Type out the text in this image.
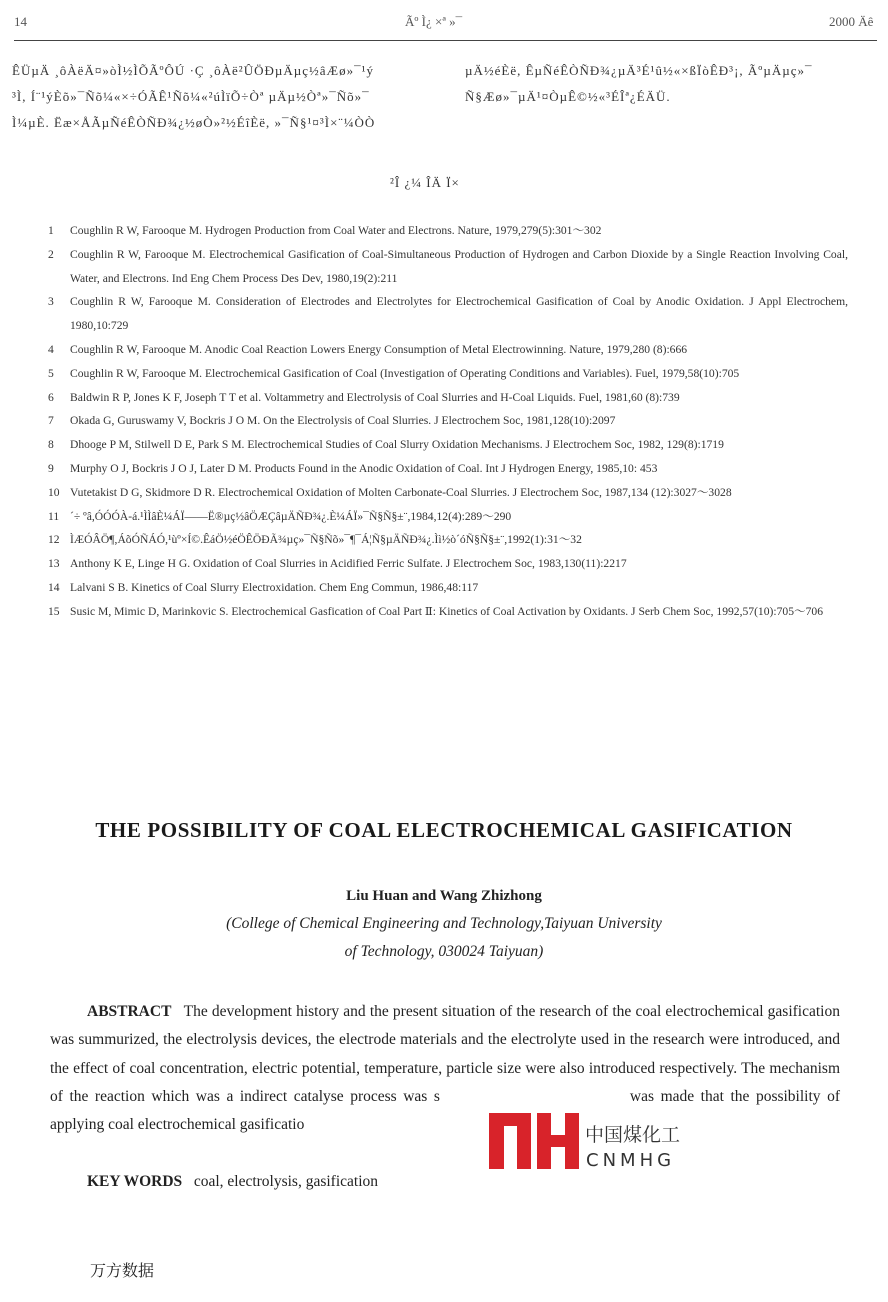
14	Ãº Ì¿ ×ª »¯	2000 Äê
ÊÜµÄ ¸ôÀëÄ¤»òÌ½ÌÕÃºÔÚ ·Ç ¸ôÀë²ÛÖÐµÄµç½âÆø»¯¹ý
³Ì, Í¨¹ýÈõ»¯Ñõ¼«×÷ÓÃÊ¹Ñõ¼«²úÌïÕ÷Òª µÄµ½Òª»¯Ñõ»¯
Ì¼µÈ. Ëæ×ÅÃµÑéÊÒÑÐ¾¿½øÒ»²½ÉîÈë, »¯Ñ§¹¤³Ì×¨¼ÒÒ
µÄ½éÈë, ÊµÑéÊÒÑÐ¾¿µÄ³É¹û½«×ßÏòÊÐ³¡, ÃºµÄµç»¯
Ñ§Æø»¯µÄ¹¤ÒµÊ©½«³ÉÎª¿ÉÄÜ.
²Î ¿¼ ÎÄ Ï×
1	Coughlin R W, Farooque M. Hydrogen Production from Coal Water and Electrons. Nature, 1979,279(5):301～302
2	Coughlin R W, Farooque M. Electrochemical Gasification of Coal-Simultaneous Production of Hydrogen and Carbon Dioxide by a Single Reaction Involving Coal, Water, and Electrons. Ind Eng Chem Process Des Dev, 1980,19(2):211
3	Coughlin R W, Farooque M. Consideration of Electrodes and Electrolytes for Electrochemical Gasification of Coal by Anodic Oxidation. J Appl Electrochem, 1980,10:729
4	Coughlin R W, Farooque M. Anodic Coal Reaction Lowers Energy Consumption of Metal Electrowinning. Nature, 1979,280 (8):666
5	Coughlin R W, Farooque M. Electrochemical Gasification of Coal (Investigation of Operating Conditions and Variables). Fuel, 1979,58(10):705
6	Baldwin R P, Jones K F, Joseph T T et al. Voltammetry and Electrolysis of Coal Slurries and H-Coal Liquids. Fuel, 1981,60 (8):739
7	Okada G, Guruswamy V, Bockris J O M. On the Electrolysis of Coal Slurries. J Electrochem Soc, 1981,128(10):2097
8	Dhooge P M, Stilwell D E, Park S M. Electrochemical Studies of Coal Slurry Oxidation Mechanisms. J Electrochem Soc, 1982, 129(8):1719
9	Murphy O J, Bockris J O J, Later D M. Products Found in the Anodic Oxidation of Coal. Int J Hydrogen Energy, 1985,10: 453
10 Vutetakist D G, Skidmore D R. Electrochemical Oxidation of Molten Carbonate-Coal Slurries. J Electrochem Soc, 1987,134 (12):3027～3028
11 ´÷ ºâ,ÓÓÓÀ-á.¹ÌÌâÈ¼ÁÏ——Ë®µç½âÖÆÇâµÄÑÐ¾¿.È¼ÁÏ»¯Ñ§Ñ§±¨,1984,12(4):289～290
12 ÌÆÓÂÖ¶,ÁõÓÑÁÓ,¹ùº×Í©.ÊáÖ½éÖÊÖÐÃ¾µç»¯Ñ§Ñõ»¯¶¯Á¦Ñ§µÄÑÐ¾¿.Ìì½ò´óÑ§Ñ§±¨,1992(1):31～32
13 Anthony K E, Linge H G. Oxidation of Coal Slurries in Acidified Ferric Sulfate. J Electrochem Soc, 1983,130(11):2217
14 Lalvani S B. Kinetics of Coal Slurry Electroxidation. Chem Eng Commun, 1986,48:117
15 Susic M, Mimic D, Marinkovic S. Electrochemical Gasfication of Coal Part Ⅱ: Kinetics of Coal Activation by Oxidants. J Serb Chem Soc, 1992,57(10):705～706
THE POSSIBILITY OF COAL ELECTROCHEMICAL GASIFICATION
Liu Huan and Wang Zhizhong
(College of Chemical Engineering and Technology,Taiyuan University
of Technology, 030024 Taiyuan)
ABSTRACT The development history and the present situation of the research of the coal electrochemical gasification was summurized, the electrolysis devices, the electrode materials and the electrolyte used in the research were introduced, and the effect of coal concentration, electric potential, temperature, particle size were also introduced respectively. The mechanism of the reaction which was a indirect catalyse process was s	was made that the possibility of applying coal electrochemical gasificatio
KEY WORDS coal, electrolysis, gasification
中国煤化工
CNMHG
万方数据
